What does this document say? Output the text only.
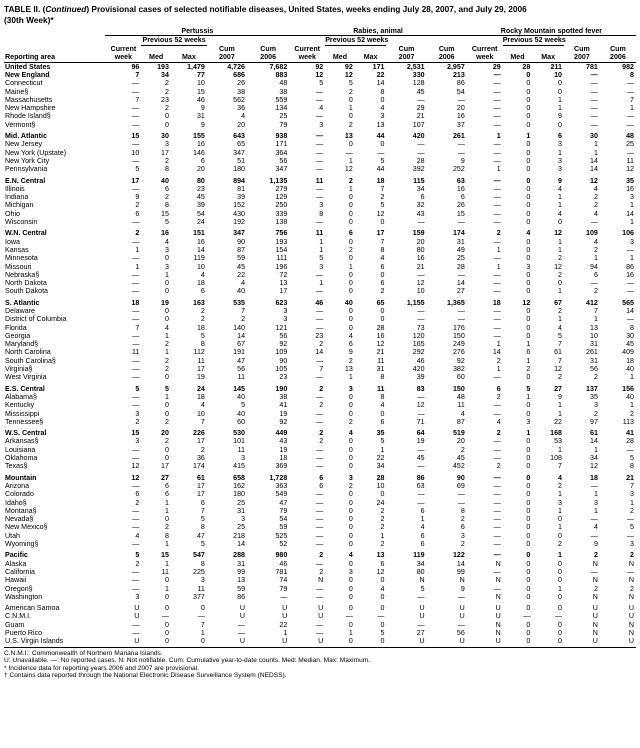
TABLE II. (Continued) Provisional cases of selected notifiable diseases, United States, weeks ending July 28, 2007, and July 29, 2006
(30th Week)*
	Pertussis					Rabies, animal					Rocky Mountain spotted fever				
		Previous 52 weeks					Previous 52 weeks					Previous 52 weeks			
	Current			Cum	Cum	Current			Cum	Cum	Current			Cum	Cum
Reporting area	week	Med	Max	2007	2006	week	Med	Max	2007	2006	week	Med	Max	2007	2006
United States	96	193	1,479	4,726	7,682	92	92	171	2,531	2,957	29	28	211	781	982
New England	7	34	77	686	883	12	12	22	330	213	—	0	10	—	8
Connecticut	—	2	10	26	48	5	5	14	128	86	—	0	0	—	—
Maine§	—	2	15	38	38	—	2	8	45	54	—	0	0	—	—
Massachusetts	7	23	46	562	559	—	0	0	—	—	—	0	1	—	7
New Hampshire	—	2	9	36	134	4	1	4	29	20	—	0	1	—	1
Rhode Island§	—	0	31	4	25	—	0	3	21	16	—	0	9	—	—
Vermont§	—	0	9	20	79	3	2	13	107	37	—	0	0	—	—

Mid. Atlantic	15	30	155	643	938	—	13	44	420	261	1	1	6	30	48
New Jersey	—	3	16	65	171	—	0	0	—	—	—	0	3	1	25
New York (Upstate)	10	17	146	347	364	—	—	—	—	—	—	0	1	1	—
New York City	—	2	6	51	56	—	1	5	28	9	—	0	3	14	11
Pennsylvania	5	8	20	180	347	—	12	44	392	252	1	0	3	14	12

E.N. Central	17	40	80	894	1,135	11	2	18	115	63	—	0	9	12	35
Illinois	—	6	23	81	279	—	1	7	34	16	—	0	4	4	16
Indiana	9	2	45	39	129	—	0	2	6	6	—	0	1	2	3
Michigan	2	8	39	152	250	3	0	5	32	26	—	0	1	2	1
Ohio	6	15	54	430	339	8	0	12	43	15	—	0	4	4	14
Wisconsin	—	5	24	192	138	—	0	0	—	—	—	0	0	—	1

W.N. Central	2	16	151	347	756	11	6	17	159	174	2	4	12	109	106
Iowa	—	4	16	90	193	1	0	7	20	31	—	0	1	4	3
Kansas	1	3	14	87	154	1	2	8	80	49	1	0	1	2	—
Minnesota	—	0	119	59	111	5	0	4	16	25	—	0	2	1	1
Missouri	1	3	10	45	196	3	1	6	21	28	1	3	12	94	86
Nebraska§	—	1	4	22	72	—	0	0	—	—	—	0	2	6	16
North Dakota	—	0	18	4	13	1	0	6	12	14	—	0	0	—	—
South Dakota	—	0	6	40	17	—	0	2	10	27	—	0	1	2	—

S. Atlantic	18	19	163	535	623	46	40	65	1,155	1,365	18	12	67	412	565
Delaware	—	0	2	7	3	—	0	0	—	—	—	0	2	7	14
District of Columbia	—	0	2	2	3	—	0	0	—	—	—	0	1	1	—
Florida	7	4	18	140	121	—	0	28	73	176	—	0	4	13	8
Georgia	—	1	5	14	56	23	4	16	120	150	—	0	5	10	30
Maryland§	—	2	8	67	92	2	6	12	165	249	1	1	7	31	45
North Carolina	11	1	112	191	109	14	9	21	292	276	14	6	61	261	409
South Carolina§	—	2	11	47	90	—	2	11	46	92	2	1	7	31	18
Virginia§	—	2	17	56	105	7	13	31	420	382	1	2	12	56	40
West Virginia	—	0	19	11	23	—	1	8	39	60	—	0	2	2	1

E.S. Central	5	5	24	145	190	2	3	11	83	150	6	5	27	137	156
Alabama§	—	1	18	40	38	—	0	8	—	48	2	1	9	35	40
Kentucky	—	0	4	5	41	2	0	4	12	11	—	0	1	3	1
Mississippi	3	0	10	40	19	—	0	0	—	4	—	0	1	2	2
Tennessee§	2	2	7	60	92	—	2	6	71	87	4	3	22	97	113

W.S. Central	15	20	226	530	449	2	4	35	64	519	2	1	168	61	41
Arkansas§	3	2	17	101	43	2	0	5	19	20	—	0	53	14	28
Louisiana	—	0	2	11	19	—	0	1	—	2	—	0	1	1	—
Oklahoma	—	0	36	3	18	—	0	22	45	45	—	0	108	34	5
Texas§	12	17	174	415	369	—	0	34	—	452	2	0	7	12	8

Mountain	12	27	61	658	1,728	6	3	28	86	90	—	0	4	18	21
Arizona	—	6	17	162	363	6	2	10	63	69	—	0	2	—	7
Colorado	6	6	17	180	549	—	0	0	—	—	—	0	1	1	3
Idaho§	2	1	6	25	47	—	0	24	—	—	—	0	3	3	1
Montana§	—	1	7	31	79	—	0	2	6	8	—	0	1	1	2
Nevada§	—	0	5	3	54	—	0	2	1	2	—	0	0	—	—
New Mexico§	—	2	8	25	59	—	0	2	4	6	—	0	1	4	5
Utah	4	8	47	218	525	—	0	1	6	3	—	0	0	—	—
Wyoming§	—	1	5	14	52	—	0	2	6	2	—	0	2	9	3

Pacific	5	15	547	288	980	2	4	13	119	122	—	0	1	2	2
Alaska	2	1	8	31	46	—	0	6	34	14	N	0	0	N	N
California	—	11	225	99	781	2	3	12	80	99	—	0	0	—	—
Hawaii	—	0	3	13	74	N	0	0	N	N	N	0	0	N	N
Oregon§	—	1	11	59	79	—	0	4	5	9	—	0	1	2	2
Washington	3	0	377	86	—	—	0	0	—	—	N	0	0	N	N

American Samoa	U	0	0	U	U	U	0	0	U	U	U	0	0	U	U
C.N.M.I.	U	—	—	U	U	U	—	—	U	U	U	—	—	U	U
Guam	—	0	7	—	22	—	0	0	—	—	N	0	0	N	N
Puerto Rico	—	0	1	—	1	—	1	5	27	56	N	0	0	N	N
U.S. Virgin Islands	U	0	0	U	U	U	0	0	U	U	U	0	0	U	U

C.N.M.I.: Commonwealth of Northern Mariana Islands.
U: Unavailable. —: No reported cases. N: Not notifiable. Cum: Cumulative year-to-date counts. Med: Median. Max: Maximum.
* Incidence data for reporting years 2006 and 2007 are provisional.
† Contains data reported through the National Electronic Disease Surveillance System (NEDSS).
